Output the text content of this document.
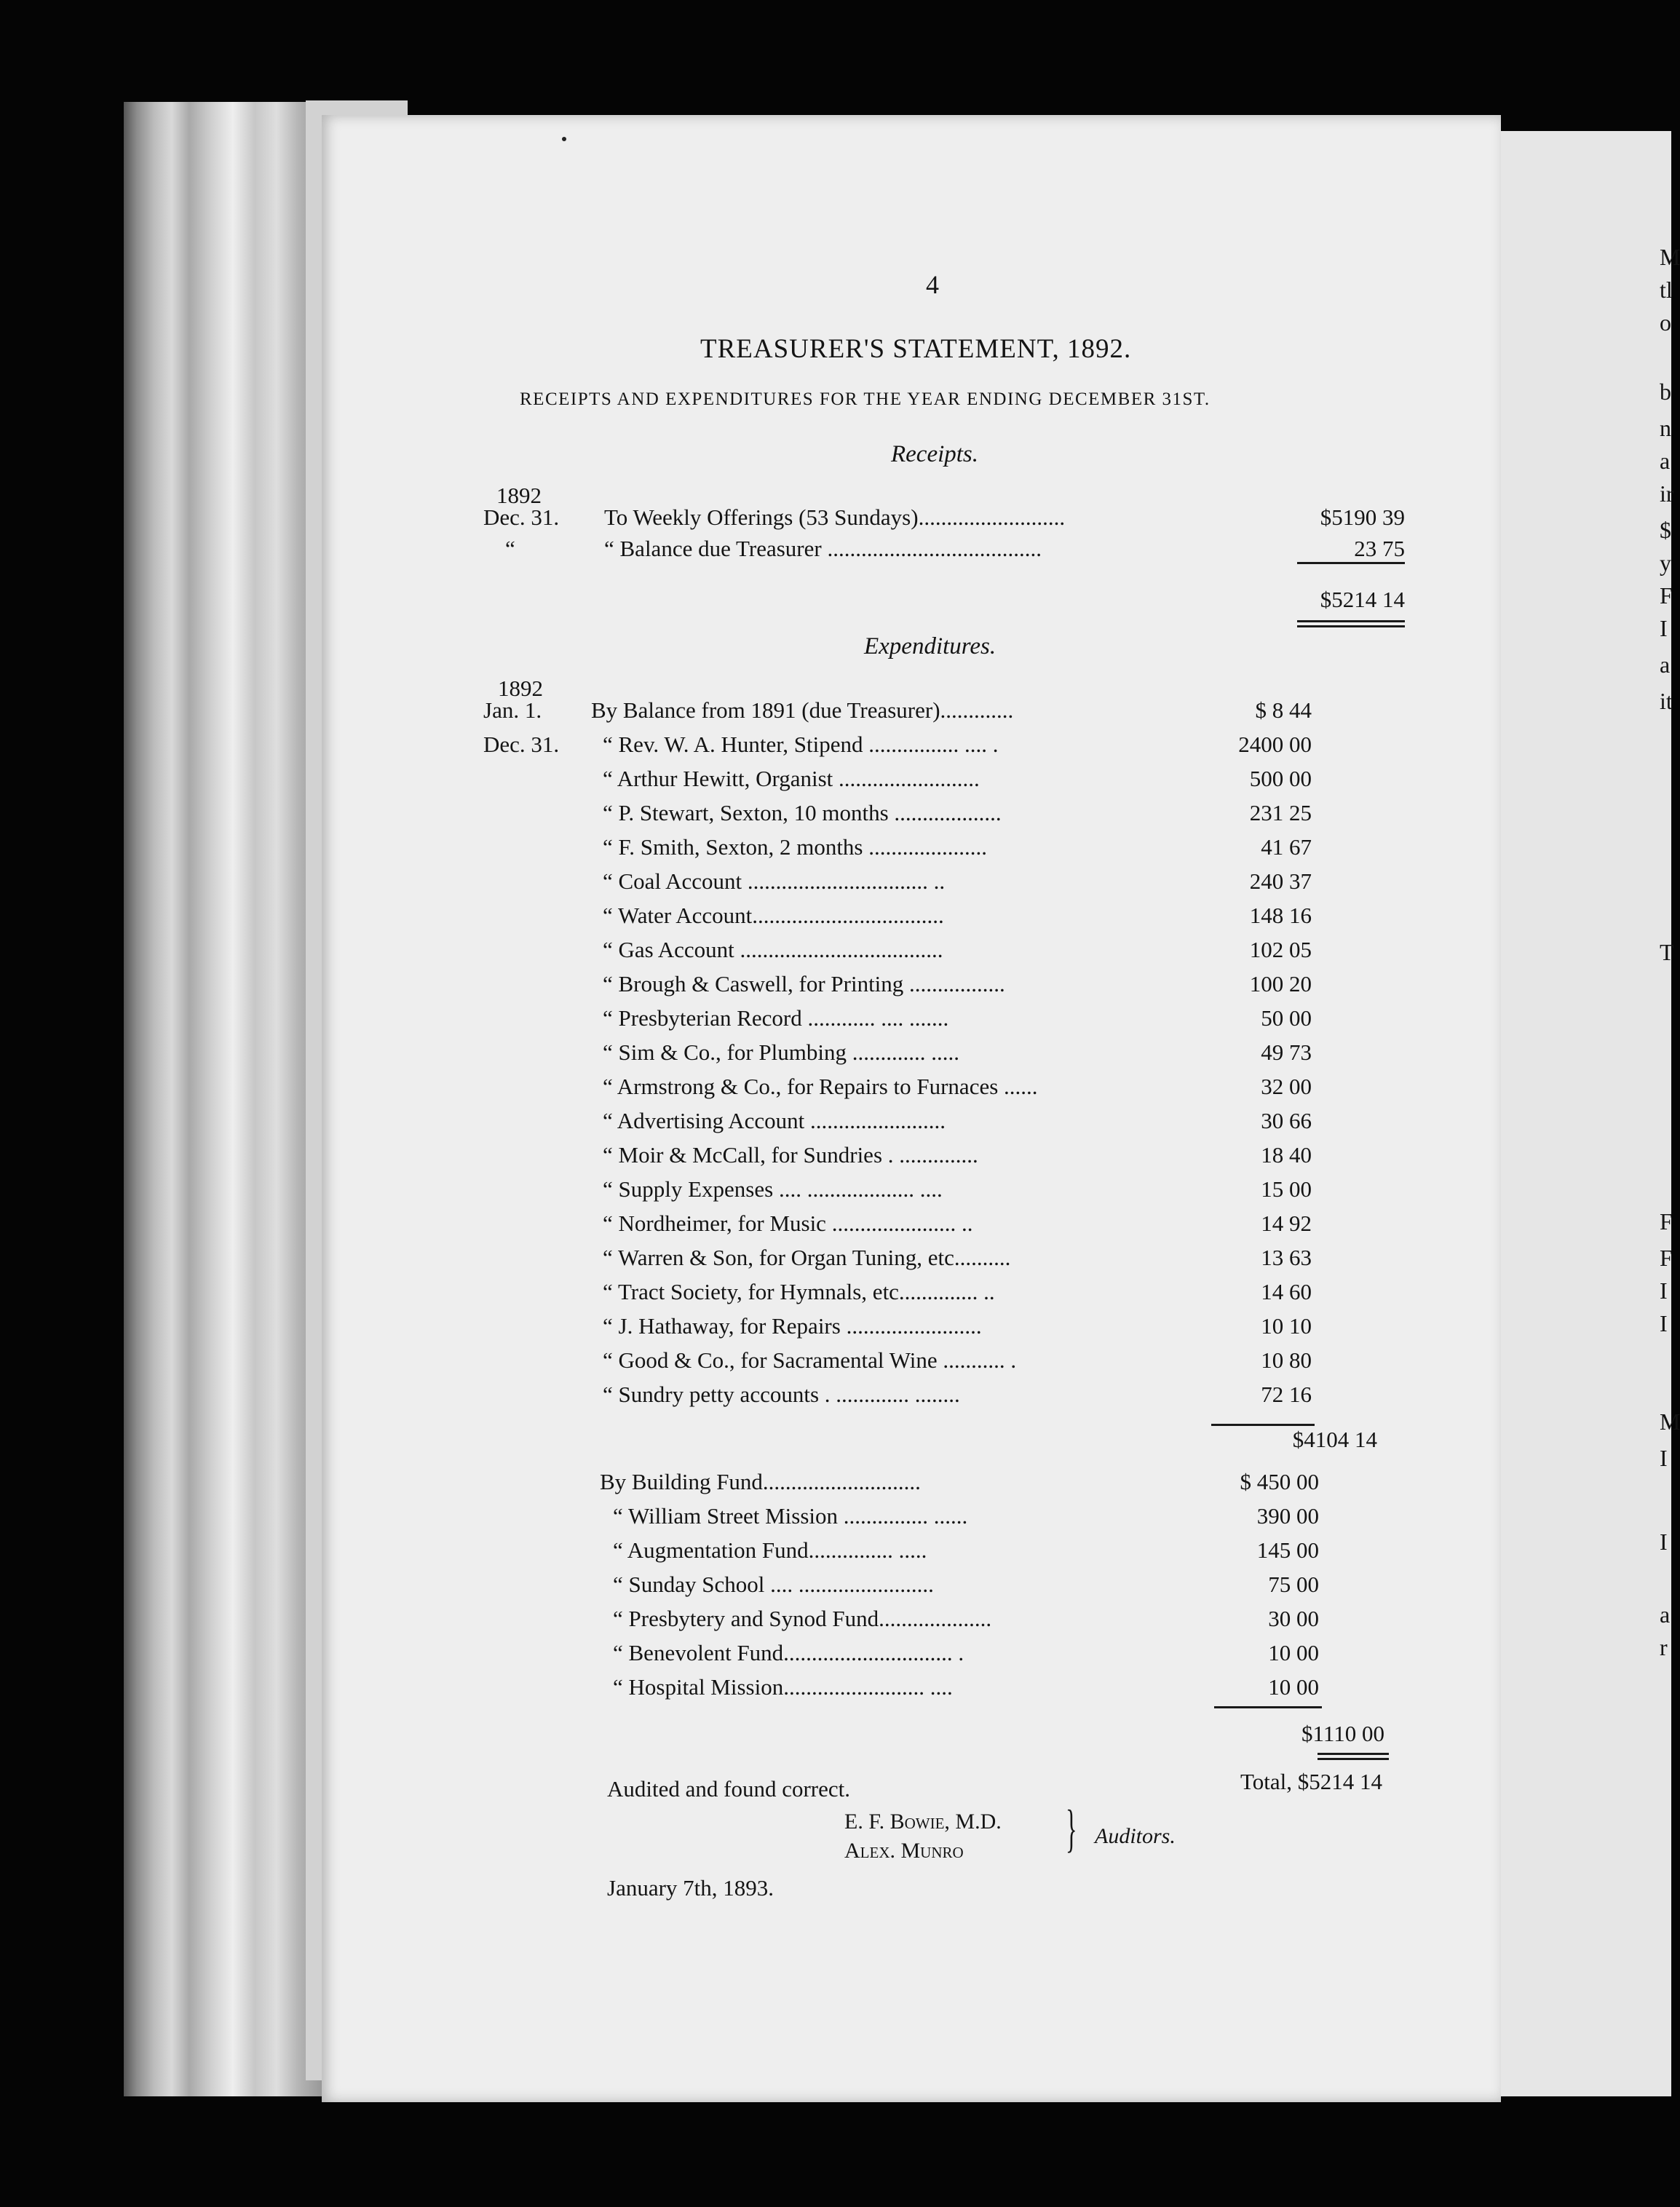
M
tl
o
b
n
a
ir
$
y
F
I
a
it
T
F
F
I
I
M
I
I
a
r
4
TREASURER'S STATEMENT, 1892.
RECEIPTS AND EXPENDITURES FOR THE YEAR ENDING DECEMBER 31ST.
Receipts.
1892
Dec. 31. To Weekly Offerings (53 Sundays)..........................	$5190 39
“	“ Balance due Treasurer ......................................	23 75
$5214 14
Expenditures.
1892
Jan. 1. By Balance from 1891 (due Treasurer).............	$ 8 44
Dec. 31. “ Rev. W. A. Hunter, Stipend ................ .... .	2400 00
“ Arthur Hewitt, Organist .........................	500 00
“ P. Stewart, Sexton, 10 months ...................	231 25
“ F. Smith, Sexton, 2 months .....................	41 67
“ Coal Account ................................ ..	240 37
“ Water Account..................................	148 16
“ Gas Account ....................................	102 05
“ Brough & Caswell, for Printing .................	100 20
“ Presbyterian Record ............ .... .......	50 00
“ Sim & Co., for Plumbing ............. .....	49 73
“ Armstrong & Co., for Repairs to Furnaces ......	32 00
“ Advertising Account ........................	30 66
“ Moir & McCall, for Sundries . ..............	18 40
“ Supply Expenses .... ................... ....	15 00
“ Nordheimer, for Music ...................... ..	14 92
“ Warren & Son, for Organ Tuning, etc..........	13 63
“ Tract Society, for Hymnals, etc.............. ..	14 60
“ J. Hathaway, for Repairs ........................	10 10
“ Good & Co., for Sacramental Wine ........... .	10 80
“ Sundry petty accounts . ............. ........	72 16
$4104 14
By Building Fund............................	$ 450 00
“ William Street Mission ............... ......	390 00
“ Augmentation Fund............... .....	145 00
“ Sunday School .... ........................	75 00
“ Presbytery and Synod Fund....................	30 00
“ Benevolent Fund.............................. .	10 00
“ Hospital Mission......................... ....	10 00
$1110 00
Audited and found correct.	Total, $5214 14
E. F. Bowie, M.D.
Alex. Munro } Auditors.
January 7th, 1893.
